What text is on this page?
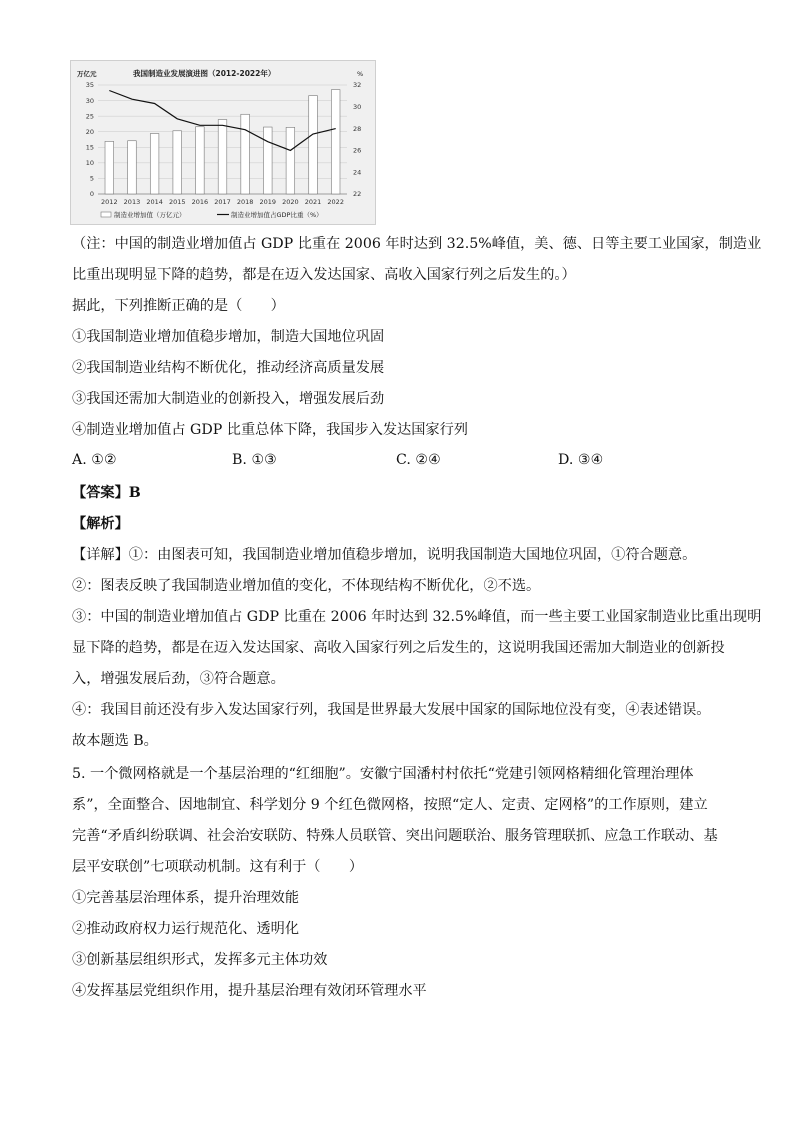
我国制造业发展演进图（2012-2022年）
万亿元	%
0
5
10
15
20
25
30
35
22
24
26
28
30
32
2012 2013 2014 2015 2016 2017 2018 2019 2020 2021 2022
制造业增加值（万亿元）	制造业增加值占GDP比重（%）
（注：中国的制造业增加值占 GDP 比重在 2006 年时达到 32.5%峰值，美、德、日等主要工业国家，制造业
比重出现明显下降的趋势，都是在迈入发达国家、高收入国家行列之后发生的。）
据此，下列推断正确的是（　　）
①我国制造业增加值稳步增加，制造大国地位巩固
②我国制造业结构不断优化，推动经济高质量发展
③我国还需加大制造业的创新投入，增强发展后劲
④制造业增加值占 GDP 比重总体下降，我国步入发达国家行列
A. ①②	B. ①③	C. ②④	D. ③④
【答案】B
【解析】
【详解】①：由图表可知，我国制造业增加值稳步增加，说明我国制造大国地位巩固，①符合题意。
②：图表反映了我国制造业增加值的变化，不体现结构不断优化，②不选。
③：中国的制造业增加值占 GDP 比重在 2006 年时达到 32.5%峰值，而一些主要工业国家制造业比重出现明
显下降的趋势，都是在迈入发达国家、高收入国家行列之后发生的，这说明我国还需加大制造业的创新投
入，增强发展后劲，③符合题意。
④：我国目前还没有步入发达国家行列，我国是世界最大发展中国家的国际地位没有变，④表述错误。
故本题选 B。
5. 一个微网格就是一个基层治理的“红细胞”。安徽宁国潘村村依托“党建引领网格精细化管理治理体
系”，全面整合、因地制宜、科学划分 9 个红色微网格，按照“定人、定责、定网格”的工作原则，建立
完善“矛盾纠纷联调、社会治安联防、特殊人员联管、突出问题联治、服务管理联抓、应急工作联动、基
层平安联创”七项联动机制。这有利于（　　）
①完善基层治理体系，提升治理效能
②推动政府权力运行规范化、透明化
③创新基层组织形式，发挥多元主体功效
④发挥基层党组织作用，提升基层治理有效闭环管理水平
